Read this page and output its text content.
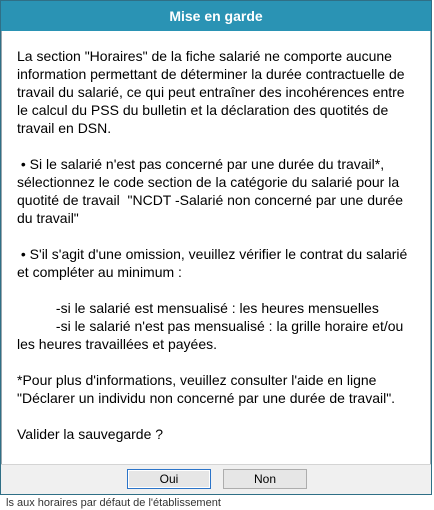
ls aux horaires par défaut de l'établissement
Mise en garde

La section "Horaires" de la fiche salarié ne comporte aucune information permettant de déterminer la durée contractuelle de travail du salarié, ce qui peut entraîner des incohérences entre le calcul du PSS du bulletin et la déclaration des quotités de travail en DSN.

• Si le salarié n'est pas concerné par une durée du travail*, sélectionnez le code section de la catégorie du salarié pour la quotité de travail  "NCDT -Salarié non concerné par une durée du travail"

• S'il s'agit d'une omission, veuillez vérifier le contrat du salarié et compléter au minimum :

-si le salarié est mensualisé : les heures mensuelles
-si le salarié n'est pas mensualisé : la grille horaire et/ou les heures travaillées et payées.

*Pour plus d'informations, veuillez consulter l'aide en ligne "Déclarer un individu non concerné par une durée de travail".

Valider la sauvegarde ?

Oui	Non
